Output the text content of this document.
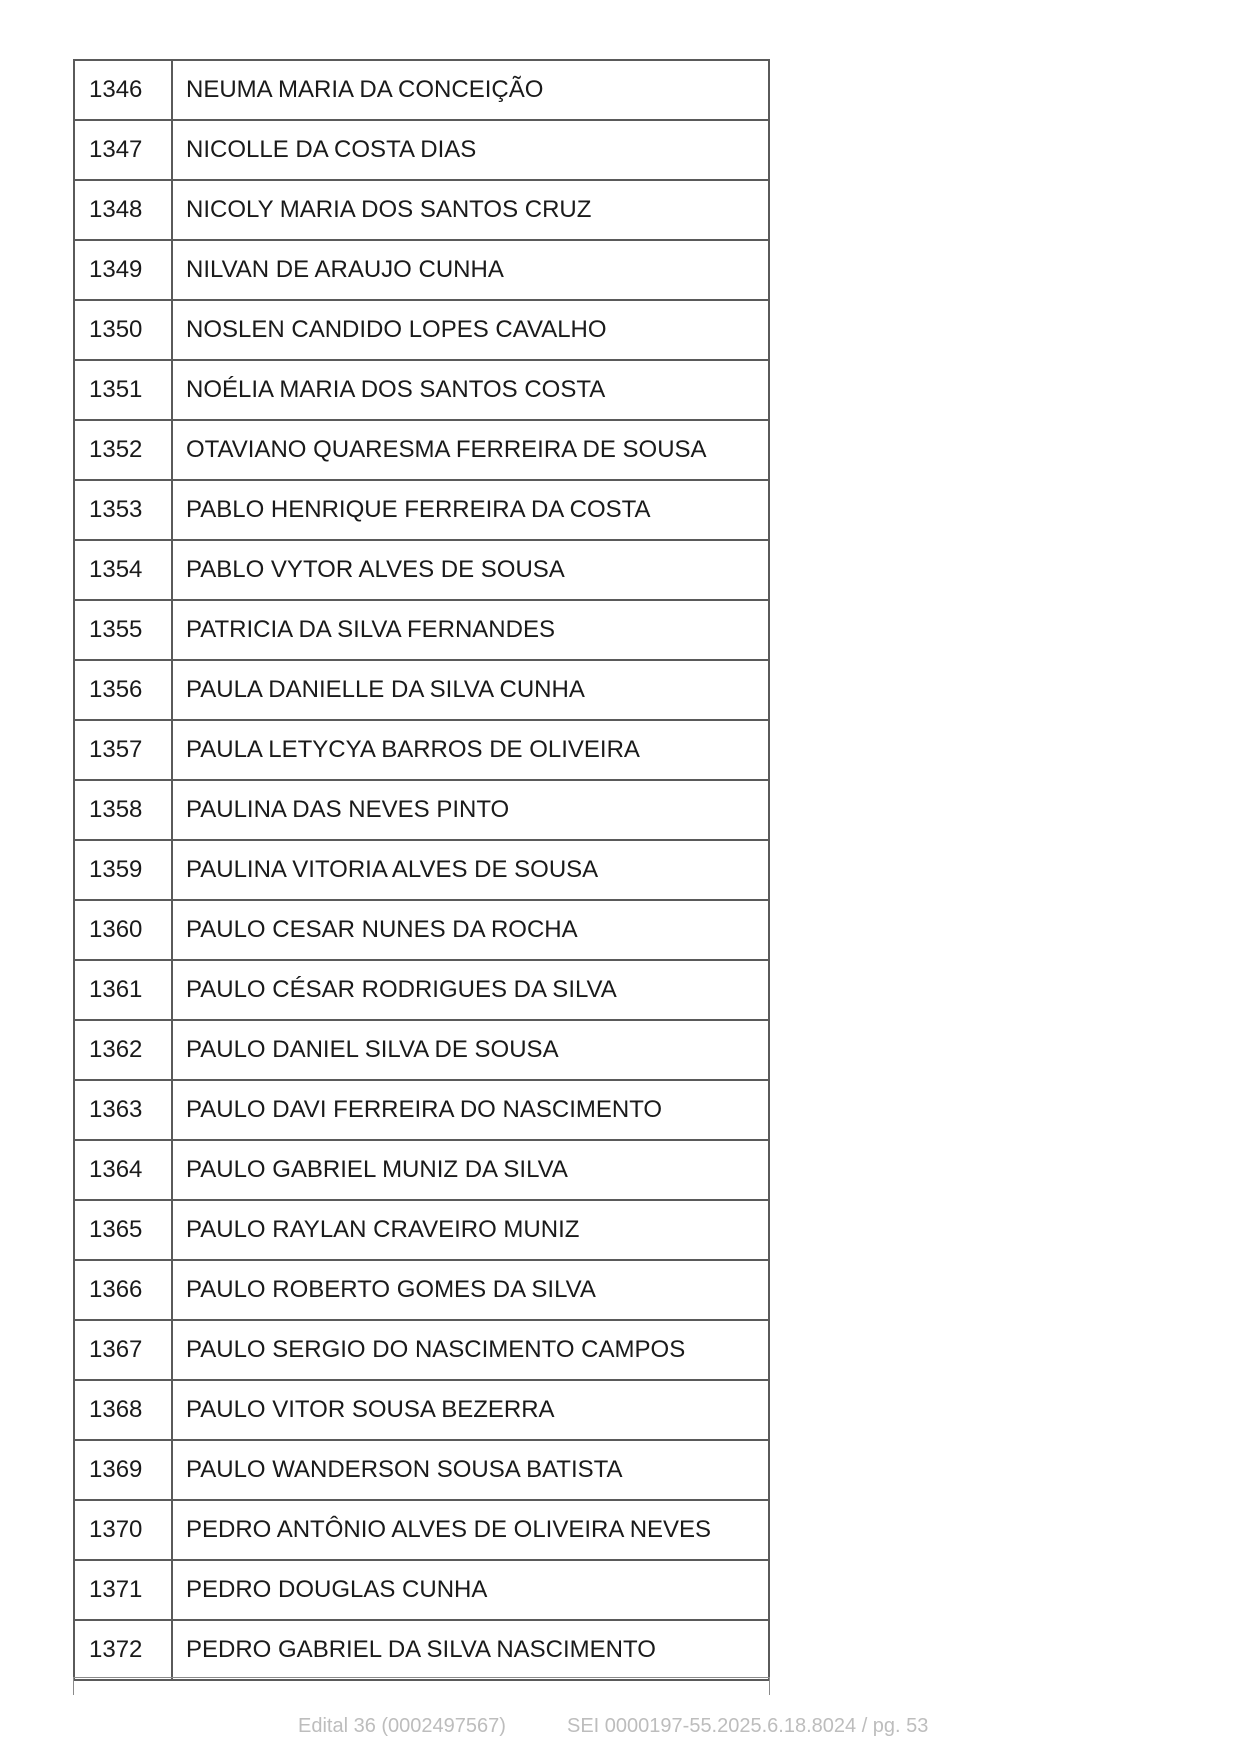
1346	NEUMA MARIA DA CONCEIÇÃO
1347	NICOLLE DA COSTA DIAS
1348	NICOLY MARIA DOS SANTOS CRUZ
1349	NILVAN DE ARAUJO CUNHA
1350	NOSLEN CANDIDO LOPES CAVALHO
1351	NOÉLIA MARIA DOS SANTOS COSTA
1352	OTAVIANO QUARESMA FERREIRA DE SOUSA
1353	PABLO HENRIQUE FERREIRA DA COSTA
1354	PABLO VYTOR ALVES DE SOUSA
1355	PATRICIA DA SILVA FERNANDES
1356	PAULA DANIELLE DA SILVA CUNHA
1357	PAULA LETYCYA BARROS DE OLIVEIRA
1358	PAULINA DAS NEVES PINTO
1359	PAULINA VITORIA ALVES DE SOUSA
1360	PAULO CESAR NUNES DA ROCHA
1361	PAULO CÉSAR RODRIGUES DA SILVA
1362	PAULO DANIEL SILVA DE SOUSA
1363	PAULO DAVI FERREIRA DO NASCIMENTO
1364	PAULO GABRIEL MUNIZ DA SILVA
1365	PAULO RAYLAN CRAVEIRO MUNIZ
1366	PAULO ROBERTO GOMES DA SILVA
1367	PAULO SERGIO DO NASCIMENTO CAMPOS
1368	PAULO VITOR SOUSA BEZERRA
1369	PAULO WANDERSON SOUSA BATISTA
1370	PEDRO ANTÔNIO ALVES DE OLIVEIRA NEVES
1371	PEDRO DOUGLAS CUNHA
1372	PEDRO GABRIEL DA SILVA NASCIMENTO
Edital 36 (0002497567)	SEI 0000197-55.2025.6.18.8024 / pg. 53
